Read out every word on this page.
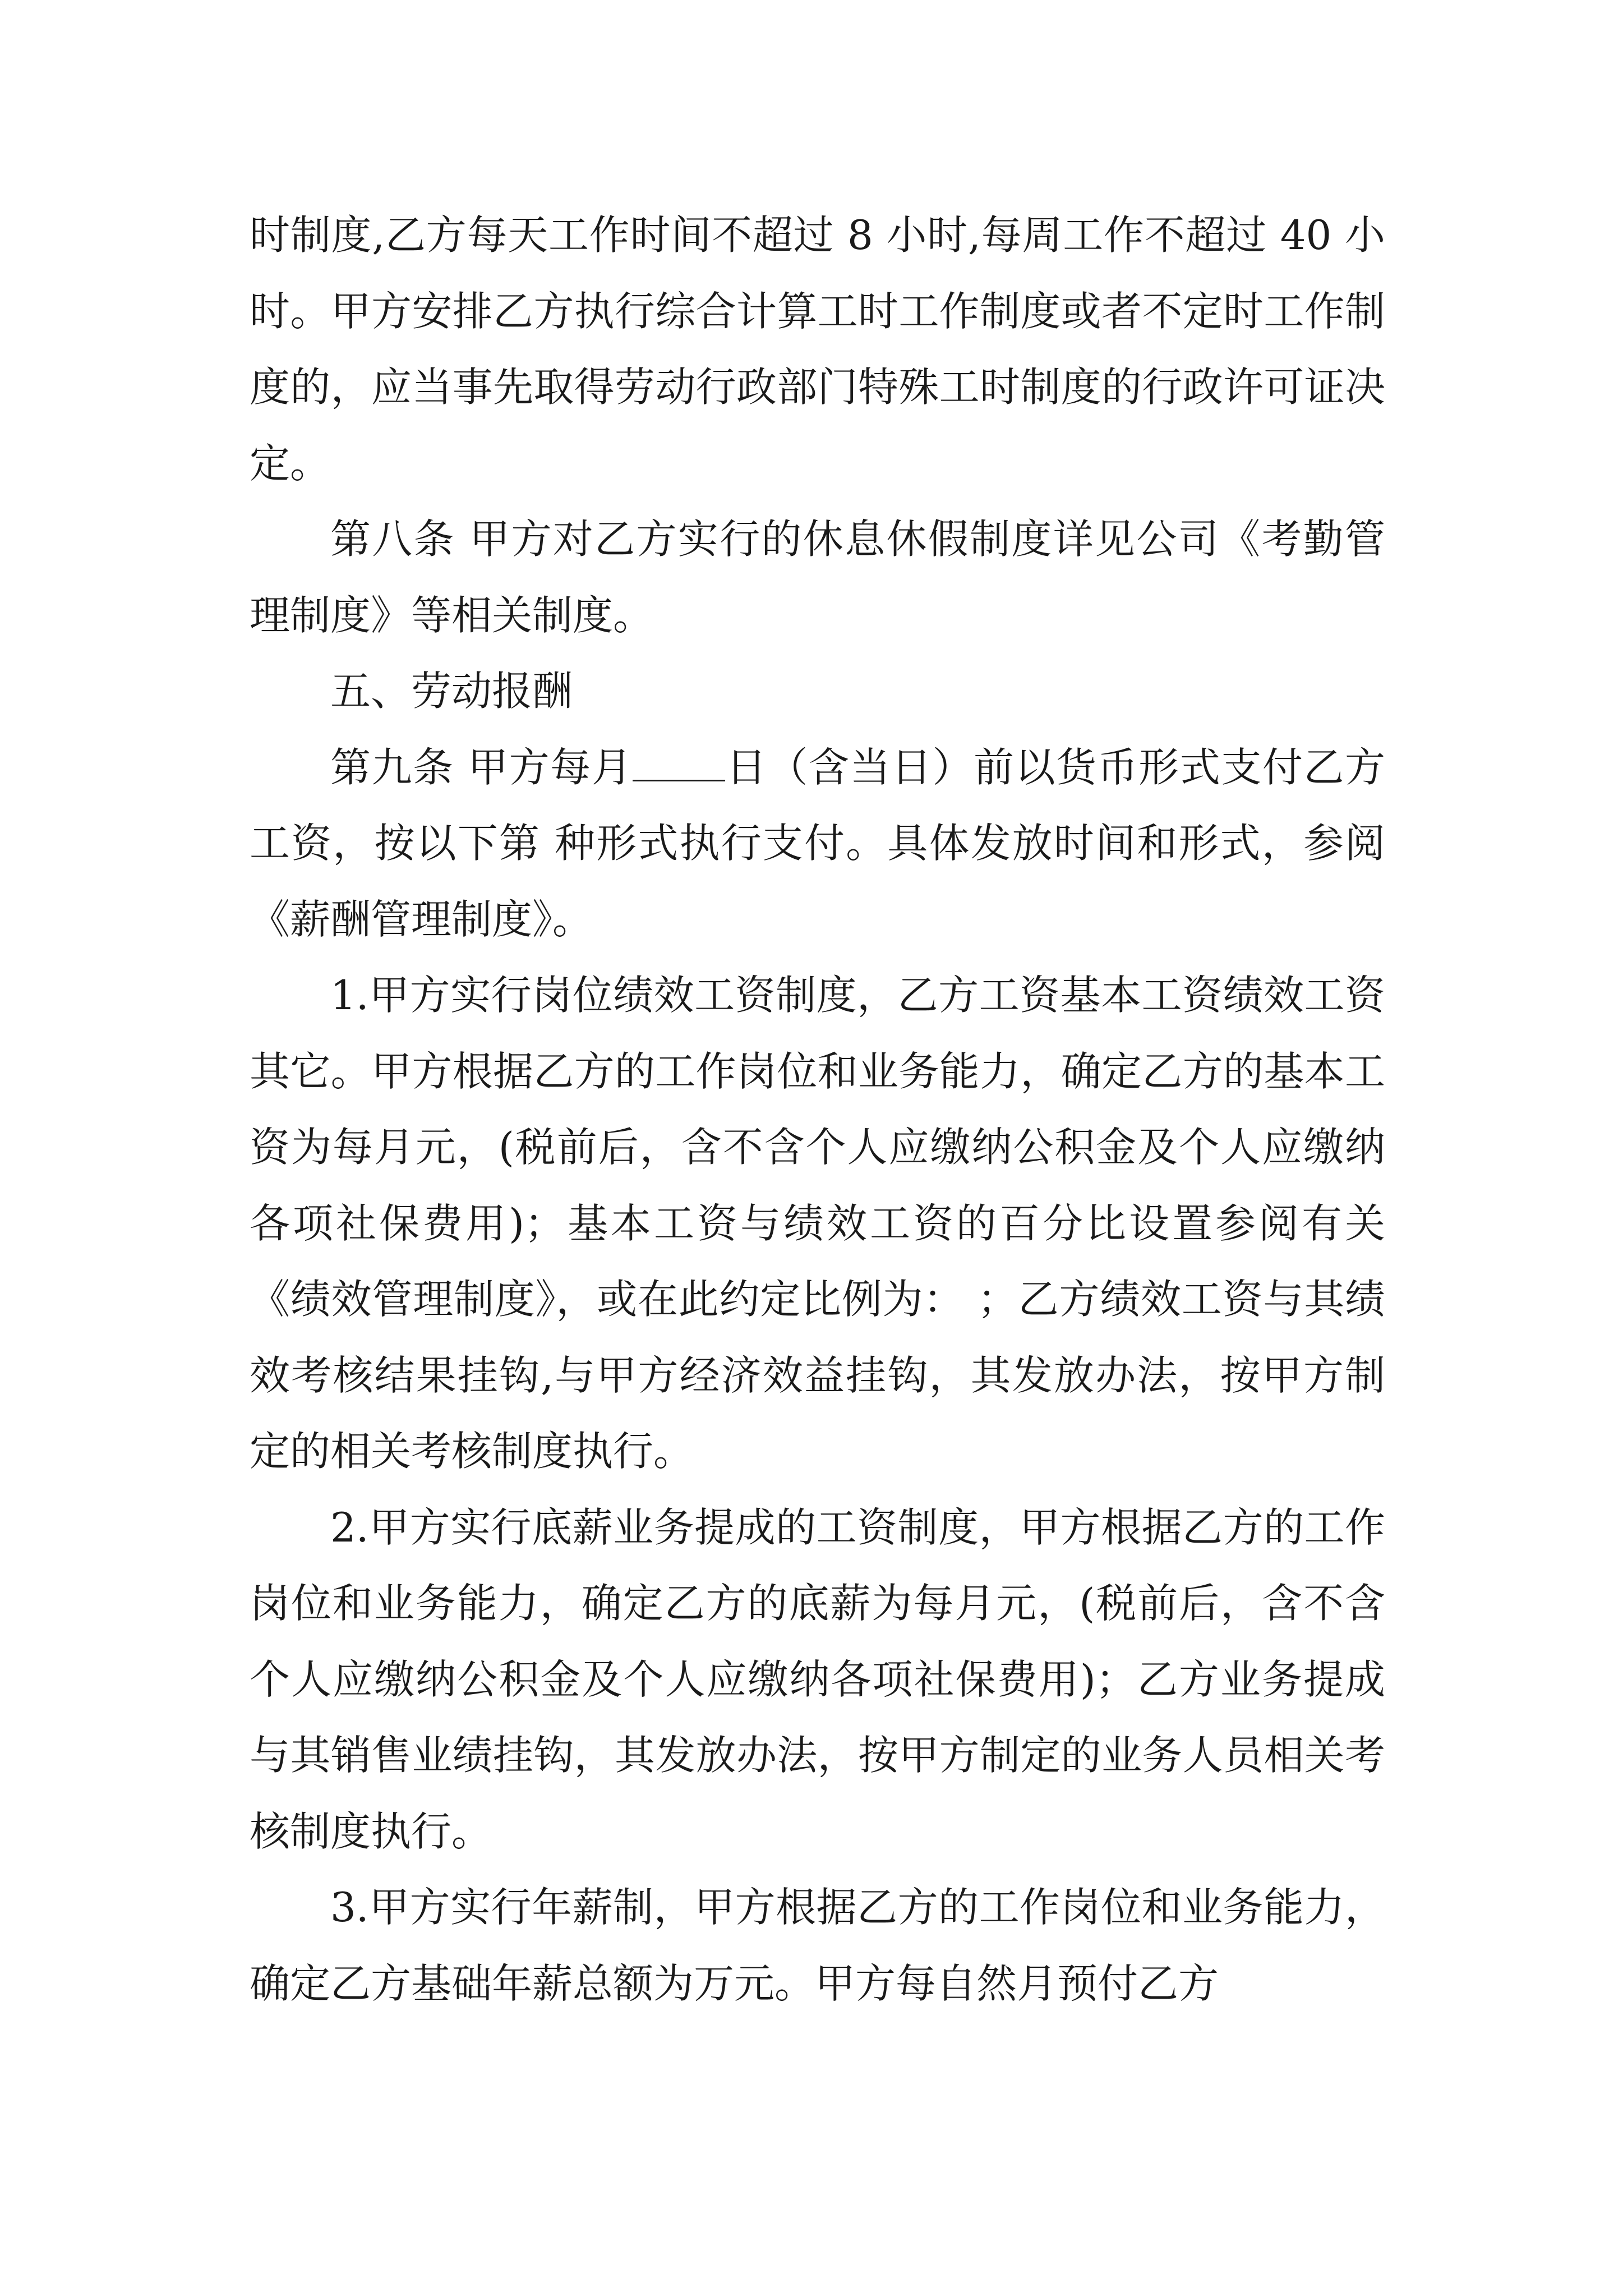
时制度,乙方每天工作时间不超过 8 小时,每周工作不超过 40 小时。甲方安排乙方执行综合计算工时工作制度或者不定时工作制度的，应当事先取得劳动行政部门特殊工时制度的行政许可证决定。

第八条 甲方对乙方实行的休息休假制度详见公司《考勤管理制度》等相关制度。

五、劳动报酬

第九条 甲方每月 日（含当日）前以货币形式支付乙方工资，按以下第 种形式执行支付。具体发放时间和形式，参阅《薪酬管理制度》。

1.甲方实行岗位绩效工资制度，乙方工资基本工资绩效工资其它。甲方根据乙方的工作岗位和业务能力，确定乙方的基本工资为每月元，(税前后，含不含个人应缴纳公积金及个人应缴纳各项社保费用)；基本工资与绩效工资的百分比设置参阅有关《绩效管理制度》，或在此约定比例为： ；乙方绩效工资与其绩效考核结果挂钩,与甲方经济效益挂钩，其发放办法，按甲方制定的相关考核制度执行。

2.甲方实行底薪业务提成的工资制度，甲方根据乙方的工作岗位和业务能力，确定乙方的底薪为每月元，(税前后，含不含个人应缴纳公积金及个人应缴纳各项社保费用)；乙方业务提成与其销售业绩挂钩，其发放办法，按甲方制定的业务人员相关考核制度执行。

3.甲方实行年薪制，甲方根据乙方的工作岗位和业务能力，确定乙方基础年薪总额为万元。甲方每自然月预付乙方
